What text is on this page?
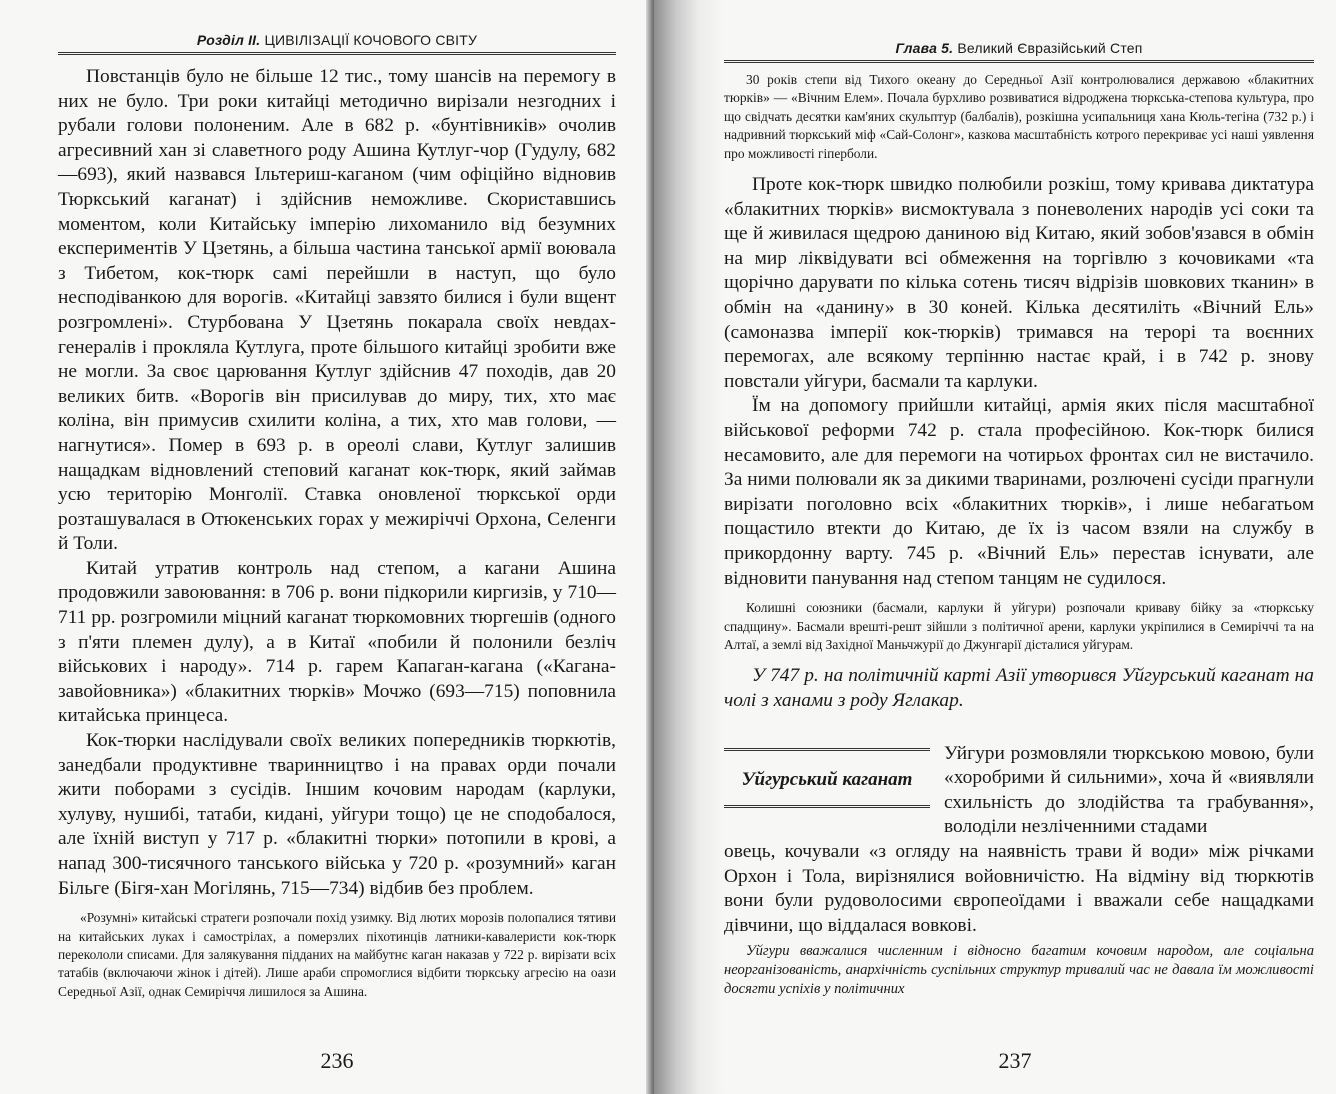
Розділ ІІ. ЦИВІЛІЗАЦІЇ КОЧОВОГО СВІТУ

Повстанців було не більше 12 тис., тому шансів на перемогу в них не було. Три роки китайці методично вирізали незгодних і рубали голови полоненим. Але в 682 р. «бунтівників» очолив агресивний хан зі славетного роду Ашина Кутлуг-чор (Гудулу, 682—693), який назвався Ільтериш-каганом (чим офіційно відновив Тюркський каганат) і здійснив неможливе. Скориставшись моментом, коли Китайську імперію лихоманило від безумних експериментів У Цзетянь, а більша частина танської армії воювала з Тибетом, кок-тюрк самі перейшли в наступ, що було несподіванкою для ворогів. «Китайці завзято билися і були вщент розгромлені». Стурбована У Цзетянь покарала своїх невдах-генералів і прокляла Кутлуга, проте більшого китайці зробити вже не могли. За своє царювання Кутлуг здійснив 47 походів, дав 20 великих битв. «Ворогів він присилував до миру, тих, хто має коліна, він примусив схилити коліна, а тих, хто мав голови, — нагнутися». Помер в 693 р. в ореолі слави, Кутлуг залишив нащадкам відновлений степовий каганат кок-тюрк, який займав усю територію Монголії. Ставка оновленої тюркської орди розташувалася в Отюкенських горах у межиріччі Орхона, Селенги й Толи.

Китай утратив контроль над степом, а кагани Ашина продовжили завоювання: в 706 р. вони підкорили киргизів, у 710—711 рр. розгромили міцний каганат тюркомовних тюргешів (одного з п'яти племен дулу), а в Китаї «побили й полонили безліч військових і народу». 714 р. гарем Капаган-кагана («Кагана-завойовника») «блакитних тюрків» Мочжо (693—715) поповнила китайська принцеса.

Кок-тюрки наслідували своїх великих попередників тюркютів, занедбали продуктивне тваринництво і на правах орди почали жити поборами з сусідів. Іншим кочовим народам (карлуки, хулуву, нушибі, татаби, кидані, уйгури тощо) це не сподобалося, але їхній виступ у 717 р. «блакитні тюрки» потопили в крові, а напад 300-тисячного танського війська у 720 р. «розумний» каган Більге (Бігя-хан Могілянь, 715—734) відбив без проблем.

«Розумні» китайські стратеги розпочали похід узимку. Від лютих морозів полопалися тятиви на китайських луках і самострілах, а померзлих піхотинців латники-кавалеристи кок-тюрк перекололи списами. Для залякування підданих на майбутнє каган наказав у 722 р. вирізати всіх татабів (включаючи жінок і дітей). Лише араби спромоглися відбити тюркську агресію на оази Середньої Азії, однак Семиріччя лишилося за Ашина.

236
Глава 5. Великий Євразійський Степ

30 років степи від Тихого океану до Середньої Азії контролювалися державою «блакитних тюрків» — «Вічним Елем». Почала бурхливо розвиватися відроджена тюркська-степова культура, про що свідчать десятки кам'яних скульптур (балбалів), розкішна усипальниця хана Кюль-тегіна (732 р.) і надривний тюркський міф «Сай-Солонг», казкова масштабність котрого перекриває усі наші уявлення про можливості гіперболи.

Проте кок-тюрк швидко полюбили розкіш, тому кривава диктатура «блакитних тюрків» висмоктувала з поневолених народів усі соки та ще й живилася щедрою даниною від Китаю, який зобов'язався в обмін на мир ліквідувати всі обмеження на торгівлю з кочовиками «та щорічно дарувати по кілька сотень тисяч відрізів шовкових тканин» в обмін на «данину» в 30 коней. Кілька десятиліть «Вічний Ель» (самоназва імперії кок-тюрків) тримався на терорі та воєнних перемогах, але всякому терпінню настає край, і в 742 р. знову повстали уйгури, басмали та карлуки.

Їм на допомогу прийшли китайці, армія яких після масштабної військової реформи 742 р. стала професійною. Кок-тюрк билися несамовито, але для перемоги на чотирьох фронтах сил не вистачило. За ними полювали як за дикими тваринами, розлючені сусіди прагнули вирізати поголовно всіх «блакитних тюрків», і лише небагатьом пощастило втекти до Китаю, де їх із часом взяли на службу в прикордонну варту. 745 р. «Вічний Ель» перестав існувати, але відновити панування над степом танцям не судилося.

Колишні союзники (басмали, карлуки й уйгури) розпочали криваву бійку за «тюркську спадщину». Басмали врешті-решт зійшли з політичної арени, карлуки укріпилися в Семиріччі та на Алтаї, а землі від Західної Маньчжурії до Джунгарії дісталися уйгурам.

У 747 р. на політичній карті Азії утворився Уйгурський каганат на чолі з ханами з роду Яглакар.

Уйгурський каганат
Уйгури розмовляли тюркською мовою, були «хоробрими й сильними», хоча й «виявляли схильність до злодійства та грабування», володіли незліченними стадами

овець, кочували «з огляду на наявність трави й води» між річками Орхон і Тола, вирізнялися войовничістю. На відміну від тюркютів вони були рудоволосими європеоїдами і вважали себе нащадками дівчини, що віддалася вовкові.

Уйгури вважалися численним і відносно багатим кочовим народом, але соціальна неорганізованість, анархічність суспільних структур тривалий час не давала їм можливості досягти успіхів у політичних

237
